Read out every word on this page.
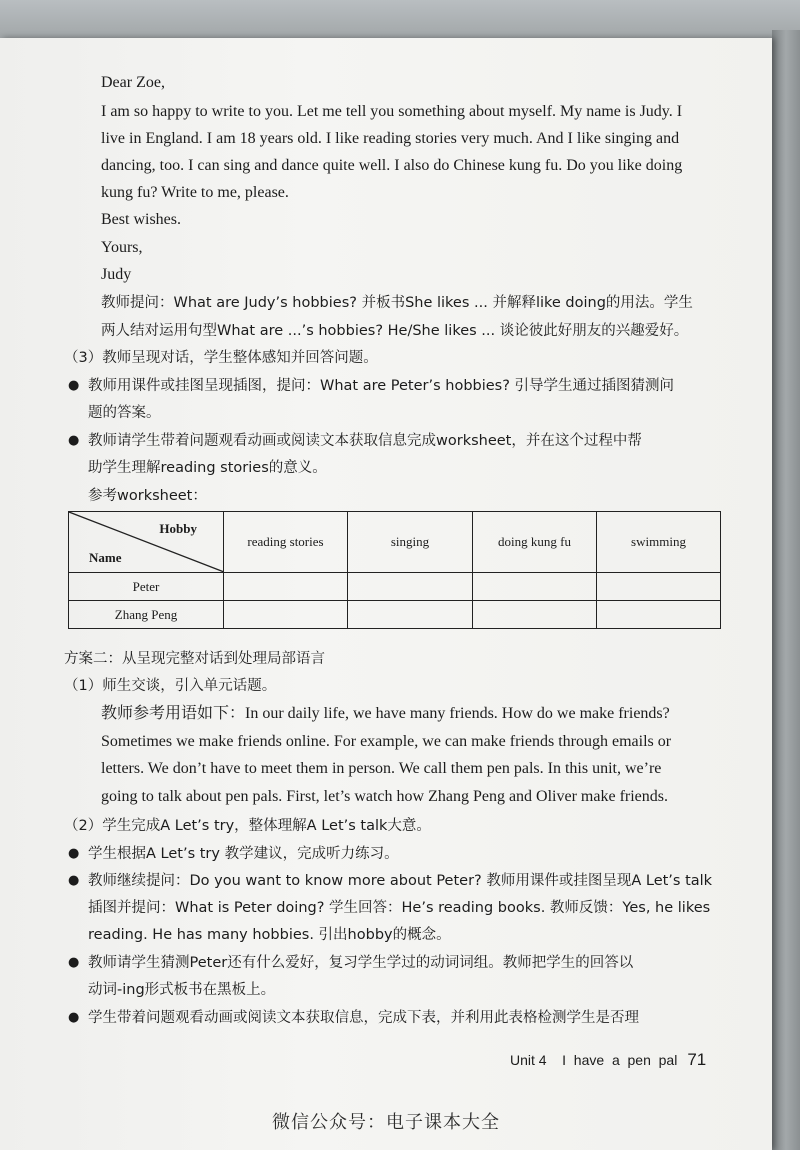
Dear Zoe,
I am so happy to write to you. Let me tell you something about myself. My name is Judy. I
live in England. I am 18 years old. I like reading stories very much. And I like singing and
dancing, too. I can sing and dance quite well. I also do Chinese kung fu. Do you like doing
kung fu? Write to me, please.
Best wishes.
Yours,
Judy
教师提问：What are Judy’s hobbies? 并板书She likes ... 并解释like doing的用法。学生
两人结对运用句型What are ...’s hobbies? He/She likes ... 谈论彼此好朋友的兴趣爱好。
（3）教师呈现对话，学生整体感知并回答问题。
● 教师用课件或挂图呈现插图，提问：What are Peter’s hobbies? 引导学生通过插图猜测问
题的答案。
● 教师请学生带着问题观看动画或阅读文本获取信息完成worksheet，并在这个过程中帮
助学生理解reading stories的意义。
参考worksheet：
Hobby
Name	reading stories	singing	doing kung fu	swimming
Peter				
Zhang Peng				
方案二：从呈现完整对话到处理局部语言
（1）师生交谈，引入单元话题。
教师参考用语如下：In our daily life, we have many friends. How do we make friends?
Sometimes we make friends online. For example, we can make friends through emails or
letters. We don’t have to meet them in person. We call them pen pals. In this unit, we’re
going to talk about pen pals. First, let’s watch how Zhang Peng and Oliver make friends.
（2）学生完成A Let’s try，整体理解A Let’s talk大意。
● 学生根据A Let’s try 教学建议，完成听力练习。
● 教师继续提问：Do you want to know more about Peter? 教师用课件或挂图呈现A Let’s talk
插图并提问：What is Peter doing? 学生回答：He’s reading books. 教师反馈：Yes, he likes
reading. He has many hobbies. 引出hobby的概念。
● 教师请学生猜测Peter还有什么爱好，复习学生学过的动词词组。教师把学生的回答以
动词-ing形式板书在黑板上。
● 学生带着问题观看动画或阅读文本获取信息，完成下表，并利用此表格检测学生是否理
Unit 4    I  have  a  pen  pal 71
微信公众号：电子课本大全
